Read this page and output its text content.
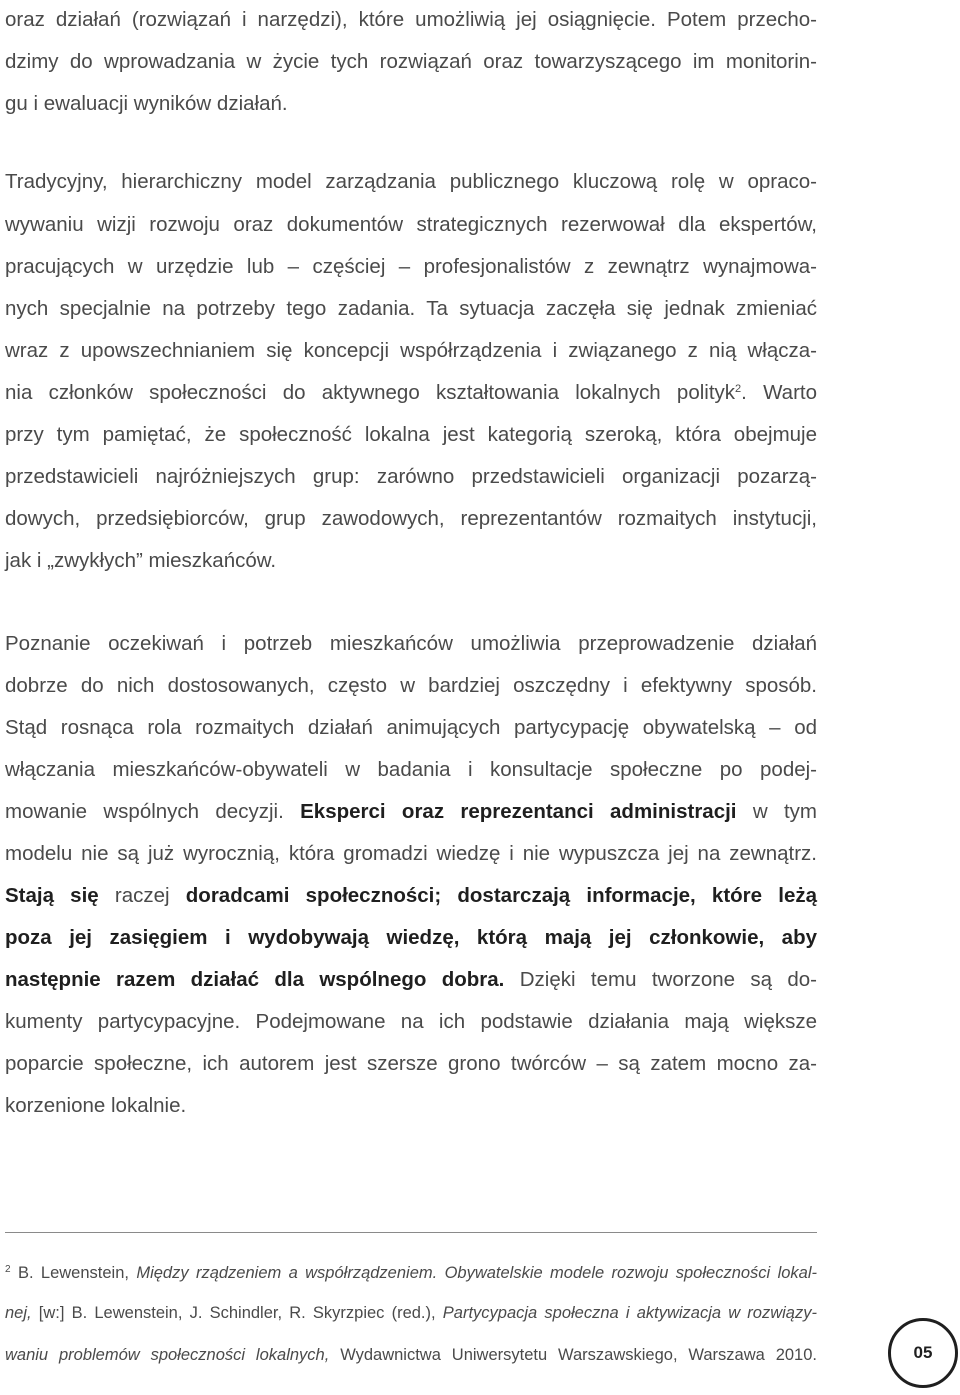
oraz działań (rozwiązań i narzędzi), które umożliwią jej osiągnięcie. Potem przecho-
dzimy do wprowadzania w życie tych rozwiązań oraz towarzyszącego im monitorin-
gu i ewaluacji wyników działań.
Tradycyjny, hierarchiczny model zarządzania publicznego kluczową rolę w opraco-
wywaniu wizji rozwoju oraz dokumentów strategicznych rezerwował dla ekspertów,
pracujących w urzędzie lub – częściej – profesjonalistów z zewnątrz wynajmowa-
nych specjalnie na potrzeby tego zadania. Ta sytuacja zaczęła się jednak zmieniać
wraz z upowszechnianiem się koncepcji współrządzenia i związanego z nią włącza-
nia członków społeczności do aktywnego kształtowania lokalnych polityk$^2$. Warto
przy tym pamiętać, że społeczność lokalna jest kategorią szeroką, która obejmuje
przedstawicieli najróżniejszych grup: zarówno przedstawicieli organizacji pozarzą-
dowych, przedsiębiorców, grup zawodowych, reprezentantów rozmaitych instytucji,
jak i „zwykłych” mieszkańców.
Poznanie oczekiwań i potrzeb mieszkańców umożliwia przeprowadzenie działań
dobrze do nich dostosowanych, często w bardziej oszczędny i efektywny sposób.
Stąd rosnąca rola rozmaitych działań animujących partycypację obywatelską – od
włączania mieszkańców-obywateli w badania i konsultacje społeczne po podej-
mowanie wspólnych decyzji. Eksperci oraz reprezentanci administracji w tym
modelu nie są już wyrocznią, która gromadzi wiedzę i nie wypuszcza jej na zewnątrz.
Stają się raczej doradcami społeczności; dostarczają informacje, które leżą
poza jej zasięgiem i wydobywają wiedzę, którą mają jej członkowie, aby
następnie razem działać dla wspólnego dobra. Dzięki temu tworzone są do-
kumenty partycypacyjne. Podejmowane na ich podstawie działania mają większe
poparcie społeczne, ich autorem jest szersze grono twórców – są zatem mocno za-
korzenione lokalnie.
$^2$ B. Lewenstein, Między rządzeniem a współrządzeniem. Obywatelskie modele rozwoju społeczności lokal-
nej, [w:] B. Lewenstein, J. Schindler, R. Skyrzpiec (red.), Partycypacja społeczna i aktywizacja w rozwiązy-
waniu problemów społeczności lokalnych, Wydawnictwa Uniwersytetu Warszawskiego, Warszawa 2010.	05
